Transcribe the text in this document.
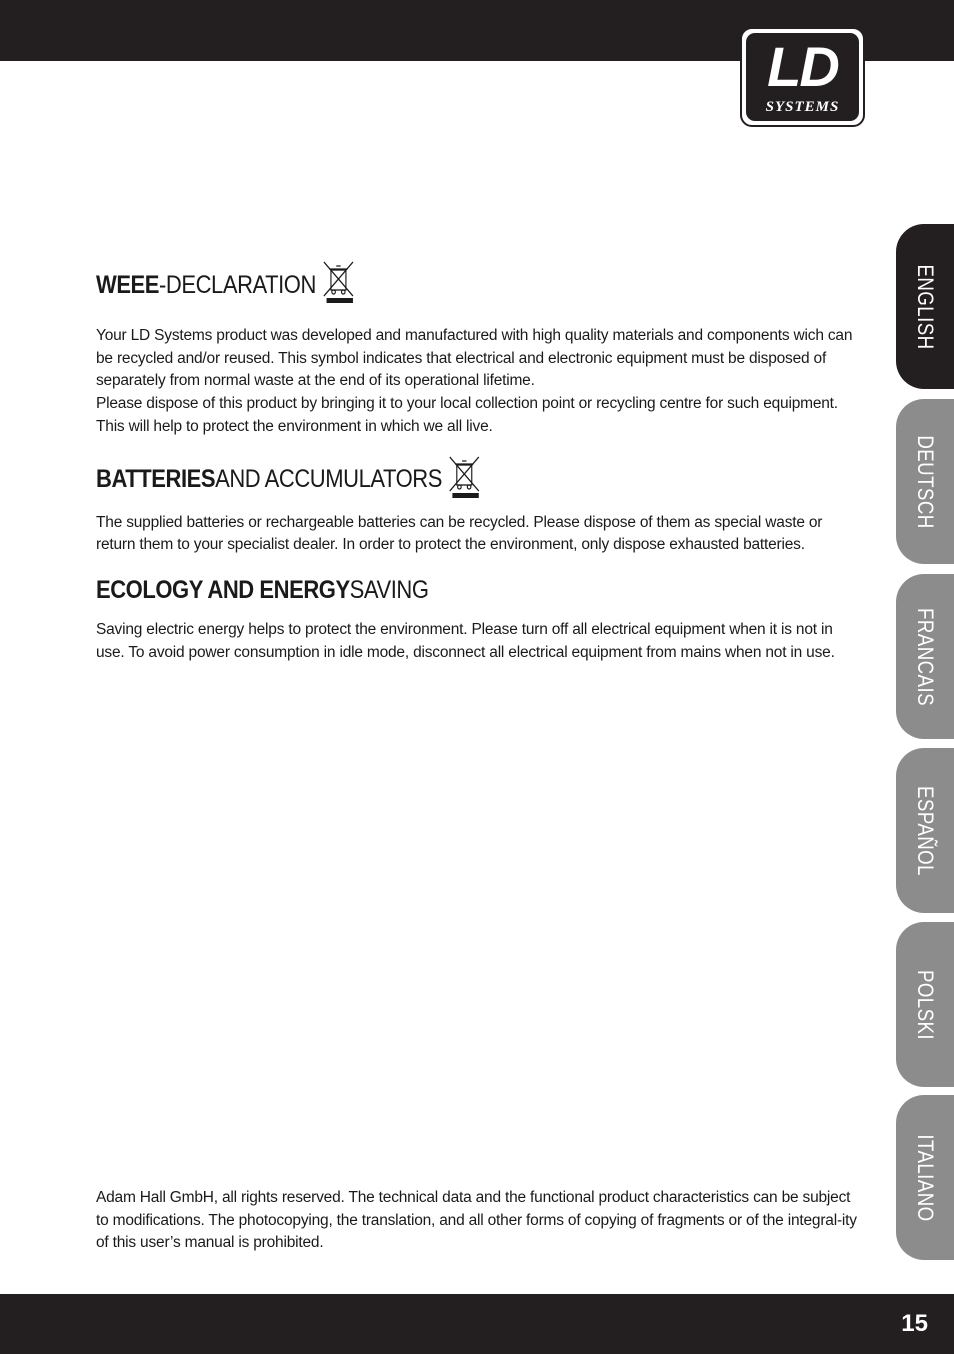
LD
SYSTEMS
WEEE -DECLARATION

Your LD Systems product was developed and manufactured with high quality materials and components wich can be recycled and/or reused. This symbol indicates that electrical and electronic equipment must be disposed of separately from normal waste at the end of its operational lifetime.

Please dispose of this product by bringing it to your local collection point or recycling centre for such equipment. This will help to protect the environment in which we all live.

BATTERIES AND ACCUMULATORS

The supplied batteries or rechargeable batteries can be recycled. Please dispose of them as special waste or return them to your specialist dealer. In order to protect the environment, only dispose exhausted batteries.

ECOLOGY AND ENERGY SAVING

Saving electric energy helps to protect the environment. Please turn off all electrical equipment when it is not in use. To avoid power consumption in idle mode, disconnect all electrical equipment from mains when not in use.

Adam Hall GmbH, all rights reserved. The technical data and the functional product characteristics can be subject to modifications. The photocopying, the translation, and all other forms of copying of fragments or of the integral-ity of this user’s manual is prohibited.

ENGLISH
DEUTSCH
FRANCAIS
ESPAÑOL
POLSKI
ITALIANO
15
